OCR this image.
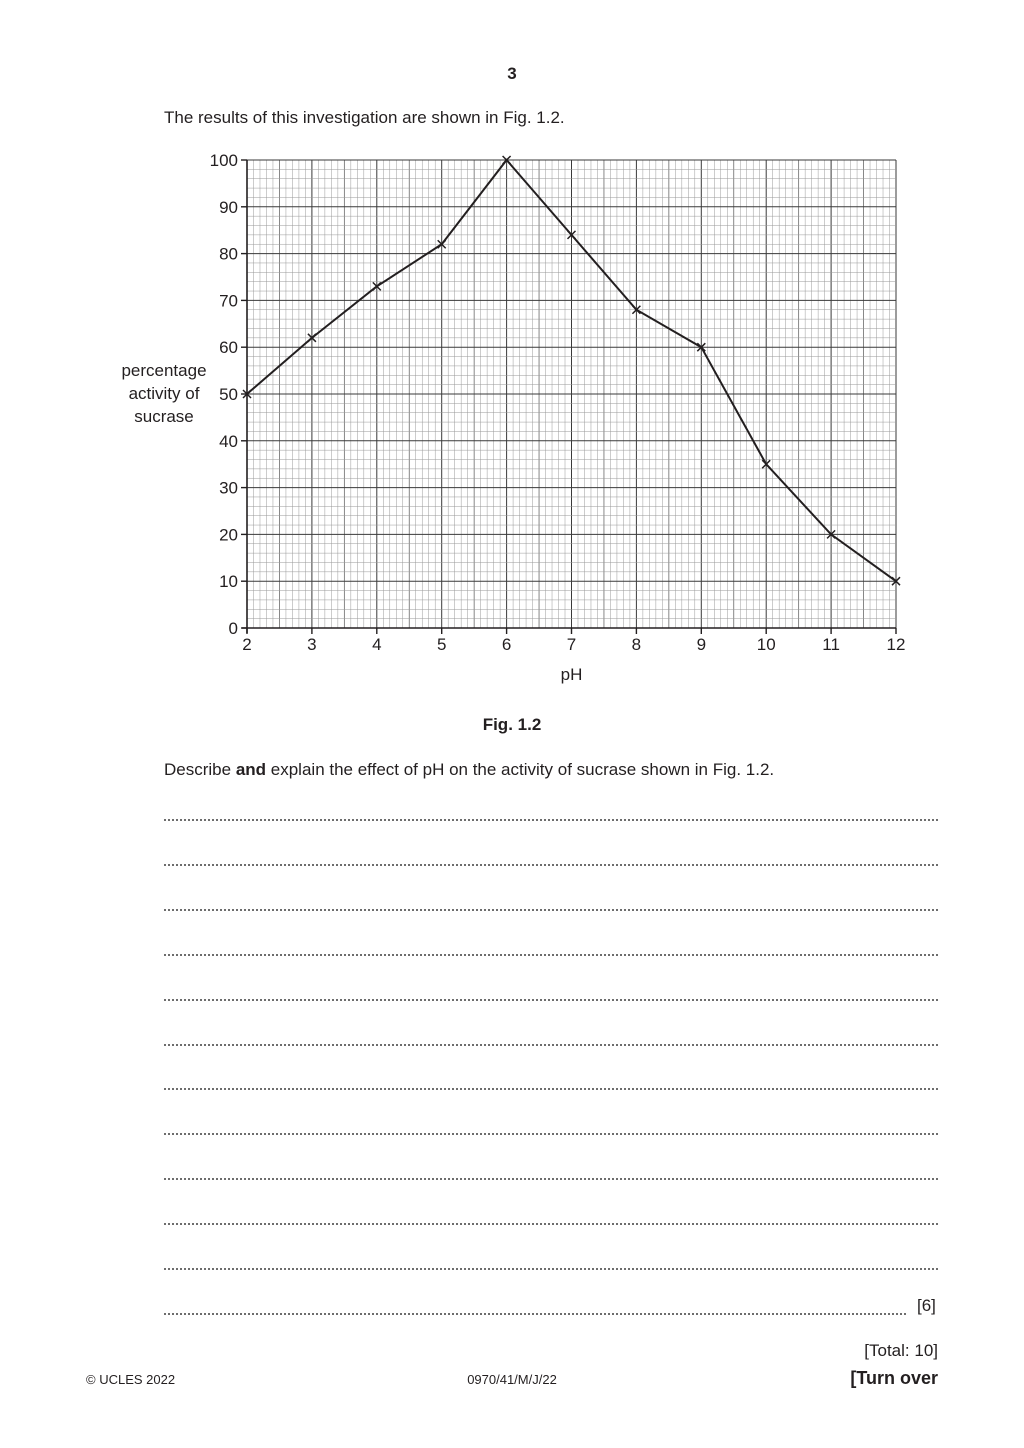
3
The results of this investigation are shown in Fig. 1.2.
2	3	4	5	6	7	8	9	10	11	12
0
10
20
30
40
50
60
70
80
90
100
pH
percentage
activity of
sucrase
Fig. 1.2
Describe and explain the effect of pH on the activity of sucrase shown in Fig. 1.2.
[6]
[Total: 10]
© UCLES 2022	0970/41/M/J/22	[Turn over
